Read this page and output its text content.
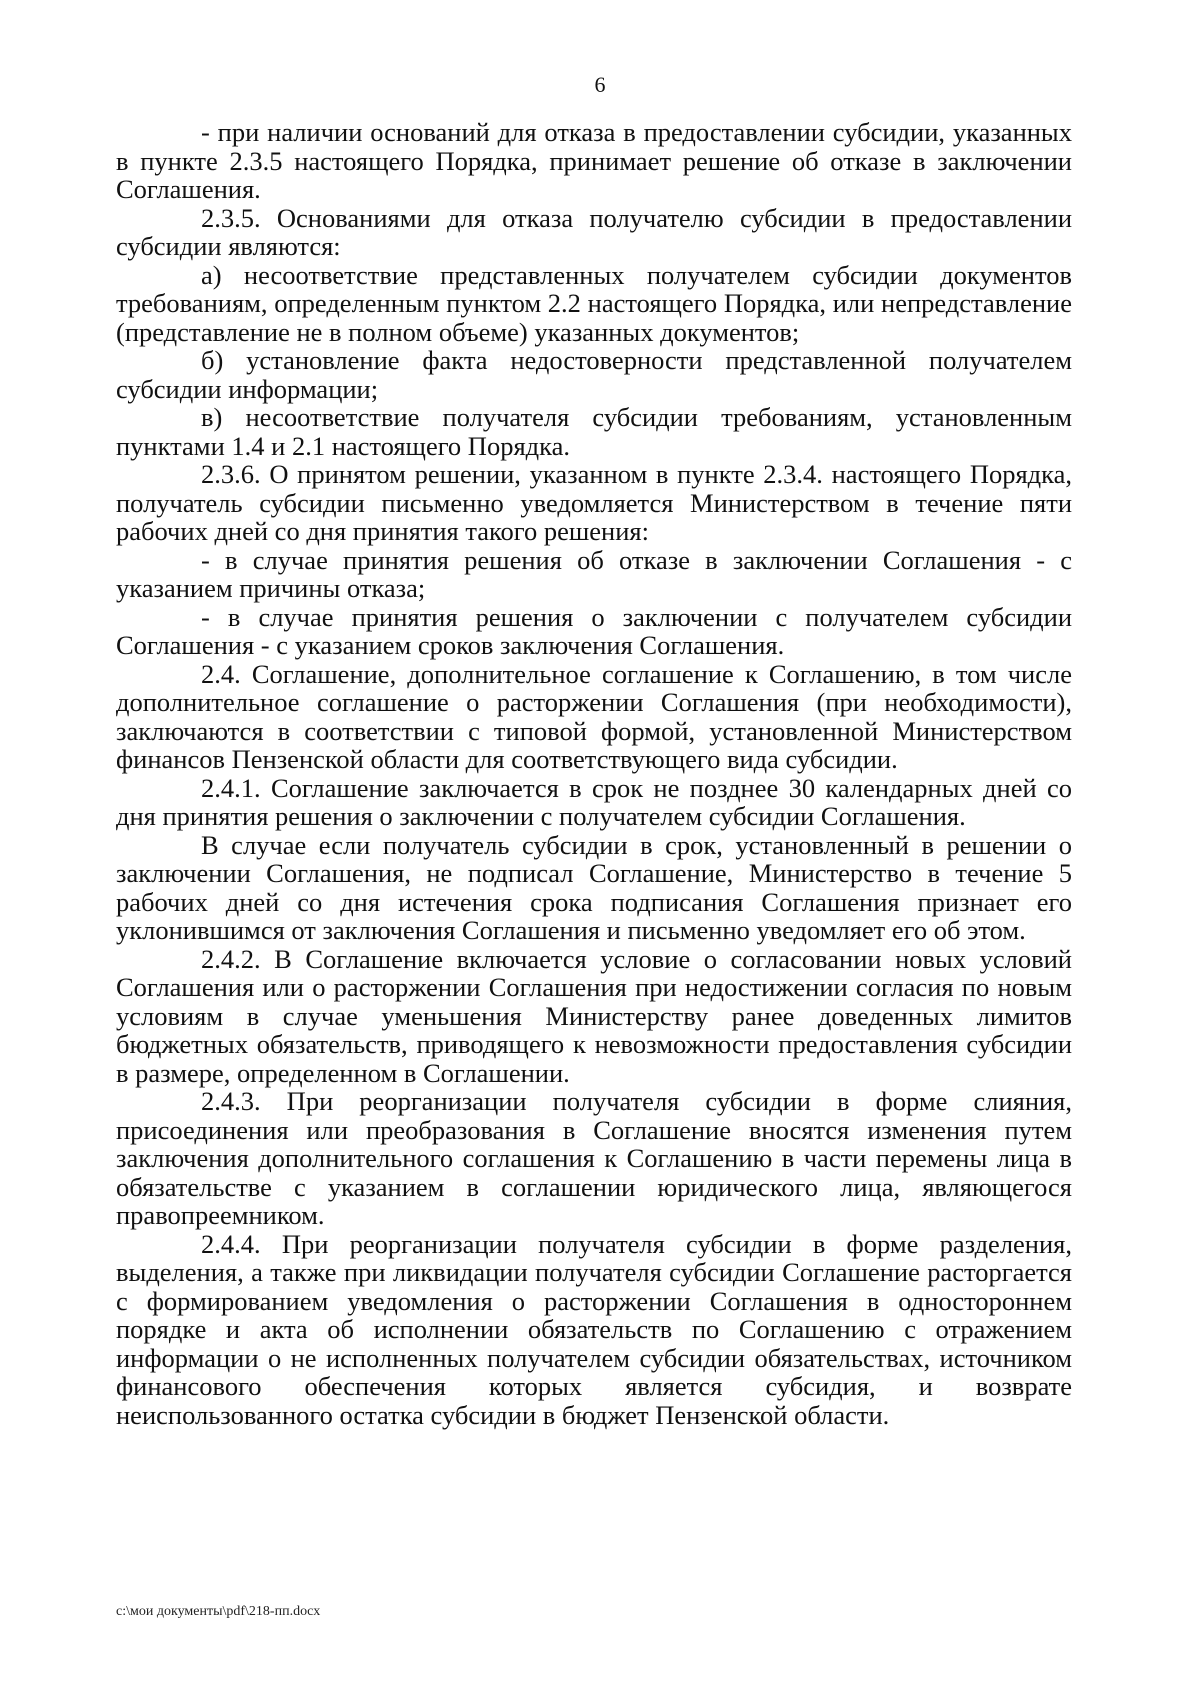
6

- при наличии оснований для отказа в предоставлении субсидии, указанных в пункте 2.3.5 настоящего Порядка, принимает решение об отказе в заключении Соглашения.

2.3.5. Основаниями для отказа получателю субсидии в предоставлении субсидии являются:

а) несоответствие представленных получателем субсидии документов требованиям, определенным пунктом 2.2 настоящего Порядка, или непредставление (представление не в полном объеме) указанных документов;

б) установление факта недостоверности представленной получателем субсидии информации;

в) несоответствие получателя субсидии требованиям, установленным пунктами 1.4 и 2.1 настоящего Порядка.

2.3.6. О принятом решении, указанном в пункте 2.3.4. настоящего Порядка, получатель субсидии письменно уведомляется Министерством в течение пяти рабочих дней со дня принятия такого решения:

- в случае принятия решения об отказе в заключении Соглашения - с указанием причины отказа;

- в случае принятия решения о заключении с получателем субсидии Соглашения - с указанием сроков заключения Соглашения.

2.4. Соглашение, дополнительное соглашение к Соглашению, в том числе дополнительное соглашение о расторжении Соглашения (при необходимости), заключаются в соответствии с типовой формой, установленной Министерством финансов Пензенской области для соответствующего вида субсидии.

2.4.1. Соглашение заключается в срок не позднее 30 календарных дней со дня принятия решения о заключении с получателем субсидии Соглашения.

В случае если получатель субсидии в срок, установленный в решении о заключении Соглашения, не подписал Соглашение, Министерство в течение 5 рабочих дней со дня истечения срока подписания Соглашения признает его уклонившимся от заключения Соглашения и письменно уведомляет его об этом.

2.4.2. В Соглашение включается условие о согласовании новых условий Соглашения или о расторжении Соглашения при недостижении согласия по новым условиям в случае уменьшения Министерству ранее доведенных лимитов бюджетных обязательств, приводящего к невозможности предоставления субсидии в размере, определенном в Соглашении.

2.4.3. При реорганизации получателя субсидии в форме слияния, присоединения или преобразования в Соглашение вносятся изменения путем заключения дополнительного соглашения к Соглашению в части перемены лица в обязательстве с указанием в соглашении юридического лица, являющегося правопреемником.

2.4.4. При реорганизации получателя субсидии в форме разделения, выделения, а также при ликвидации получателя субсидии Соглашение расторгается с формированием уведомления о расторжении Соглашения в одностороннем порядке и акта об исполнении обязательств по Соглашению с отражением информации о не исполненных получателем субсидии обязательствах, источником финансового обеспечения которых является субсидия, и возврате неиспользованного остатка субсидии в бюджет Пензенской области.

c:\мои документы\pdf\218-пп.docx
